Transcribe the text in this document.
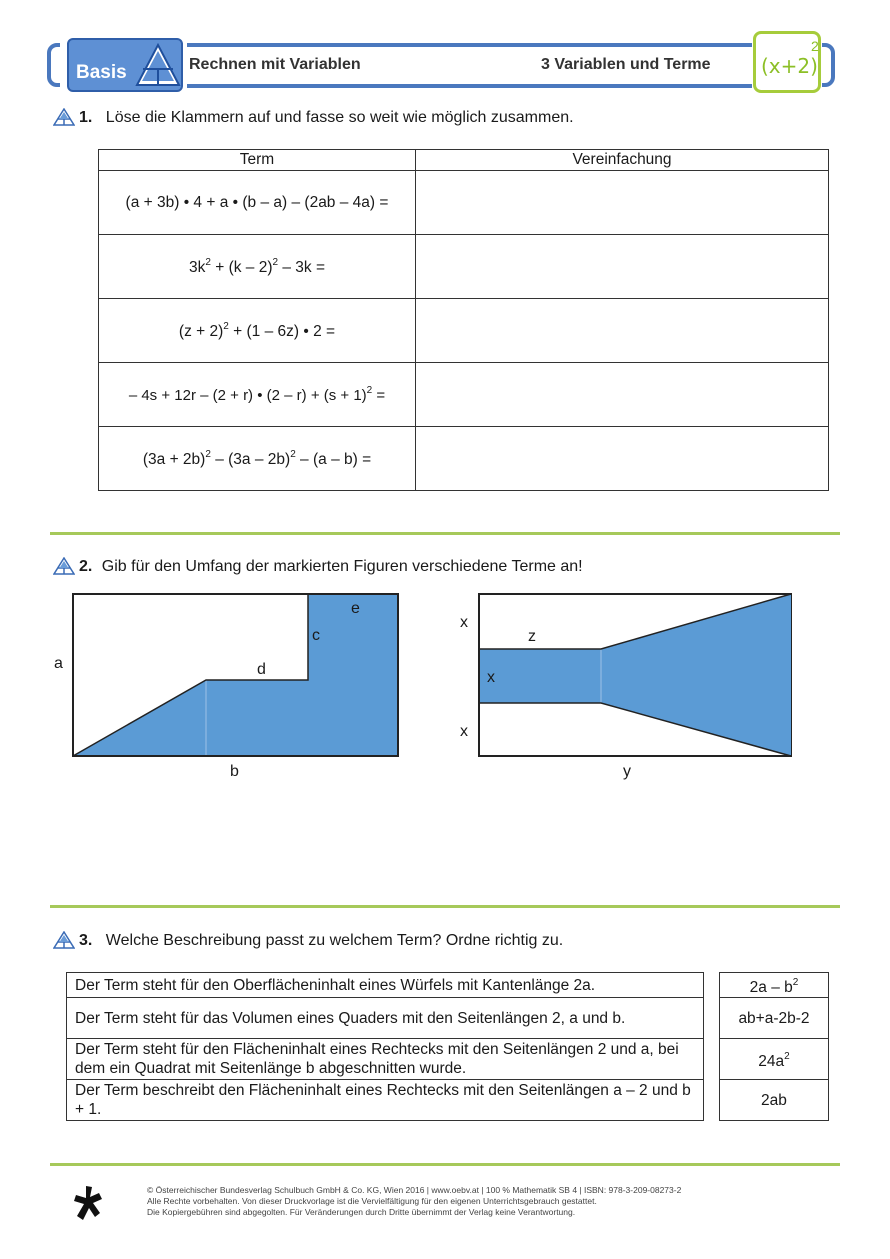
Basis	Rechnen mit Variablen	3 Variablen und Terme	(x+2)
2
1. Löse die Klammern auf und fasse so weit wie möglich zusammen.
Term	Vereinfachung
(a + 3b) • 4 + a • (b – a) – (2ab – 4a) =	
$3k^2 + (k - 2)^2 - 3k$ =	
$(z + 2)^2 + (1 - 6z)$ • 2 =	
– 4s + 12r – (2 + r) • $(2 - r) + (s + 1)^2$ =	
$(3a + 2b)^2 - (3a - 2b)^2 - (a - b)$ =	
2. Gib für den Umfang der markierten Figuren verschiedene Terme an!
a
b
c
d
e
x
x
x
z
y
3. Welche Beschreibung passt zu welchem Term? Ordne richtig zu.
Der Term steht für den Oberflächeninhalt eines Würfels mit Kantenlänge 2a.		$2a - b^2$
Der Term steht für das Volumen eines Quaders mit den Seitenlängen 2, a und b.		ab+a-2b-2
Der Term steht für den Flächeninhalt eines Rechtecks mit den Seitenlängen 2 und a, bei dem ein Quadrat mit Seitenlänge b abgeschnitten wurde.		$24a^2$
Der Term beschreibt den Flächeninhalt eines Rechtecks mit den Seitenlängen a – 2 und b + 1.		2ab
© Österreichischer Bundesverlag Schulbuch GmbH & Co. KG, Wien 2016 | www.oebv.at | 100 % Mathematik SB 4 | ISBN: 978-3-209-08273-2
Alle Rechte vorbehalten. Von dieser Druckvorlage ist die Vervielfältigung für den eigenen Unterrichtsgebrauch gestattet.
Die Kopiergebühren sind abgegolten. Für Veränderungen durch Dritte übernimmt der Verlag keine Verantwortung.
